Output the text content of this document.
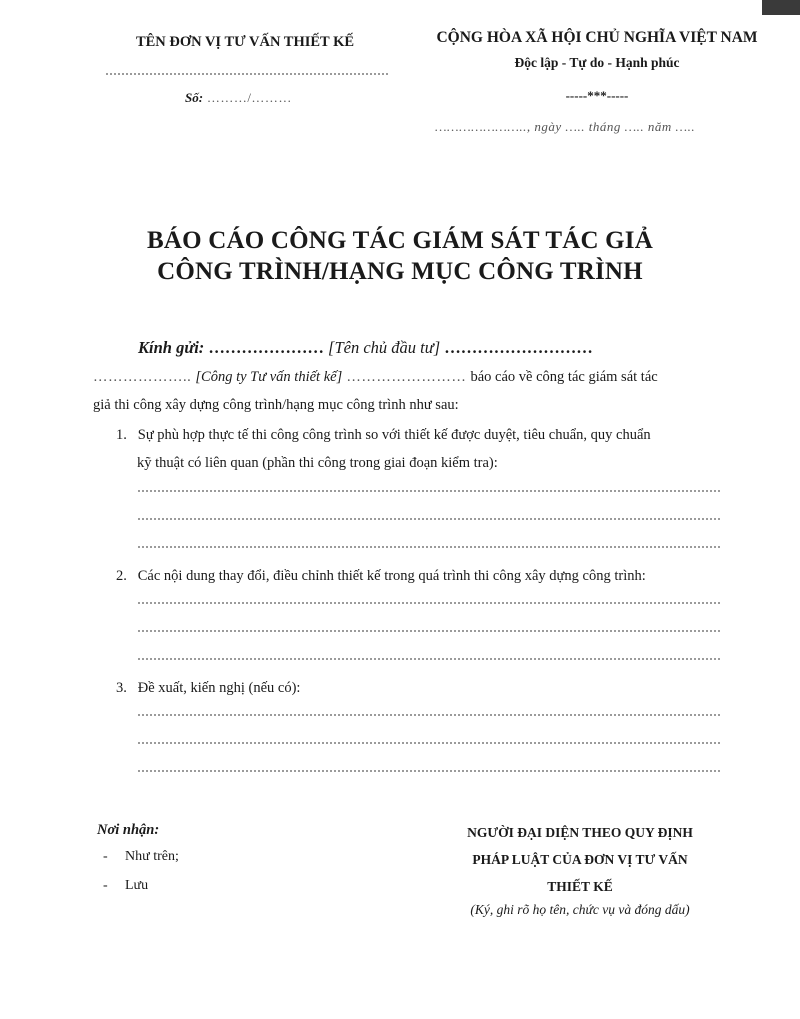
TÊN ĐƠN VỊ TƯ VẤN THIẾT KẾ
Số: ………/………
CỘNG HÒA XÃ HỘI CHỦ NGHĨA VIỆT NAM
Độc lập - Tự do - Hạnh phúc
-----***-----
………………….., ngày ….. tháng ….. năm …..
BÁO CÁO CÔNG TÁC GIÁM SÁT TÁC GIẢ
CÔNG TRÌNH/HẠNG MỤC CÔNG TRÌNH
Kính gửi: ………………… [Tên chủ đầu tư] ………………………
……………….. [Công ty Tư vấn thiết kế] …………………… báo cáo về công tác giám sát tác
giả thi công xây dựng công trình/hạng mục công trình như sau:
1. Sự phù hợp thực tế thi công công trình so với thiết kế được duyệt, tiêu chuẩn, quy chuẩn
kỹ thuật có liên quan (phần thi công trong giai đoạn kiểm tra):
2. Các nội dung thay đổi, điều chỉnh thiết kế trong quá trình thi công xây dựng công trình:
3. Đề xuất, kiến nghị (nếu có):
Nơi nhận:
- Như trên;
- Lưu
NGƯỜI ĐẠI DIỆN THEO QUY ĐỊNH
PHÁP LUẬT CỦA ĐƠN VỊ TƯ VẤN
THIẾT KẾ
(Ký, ghi rõ họ tên, chức vụ và đóng dấu)
